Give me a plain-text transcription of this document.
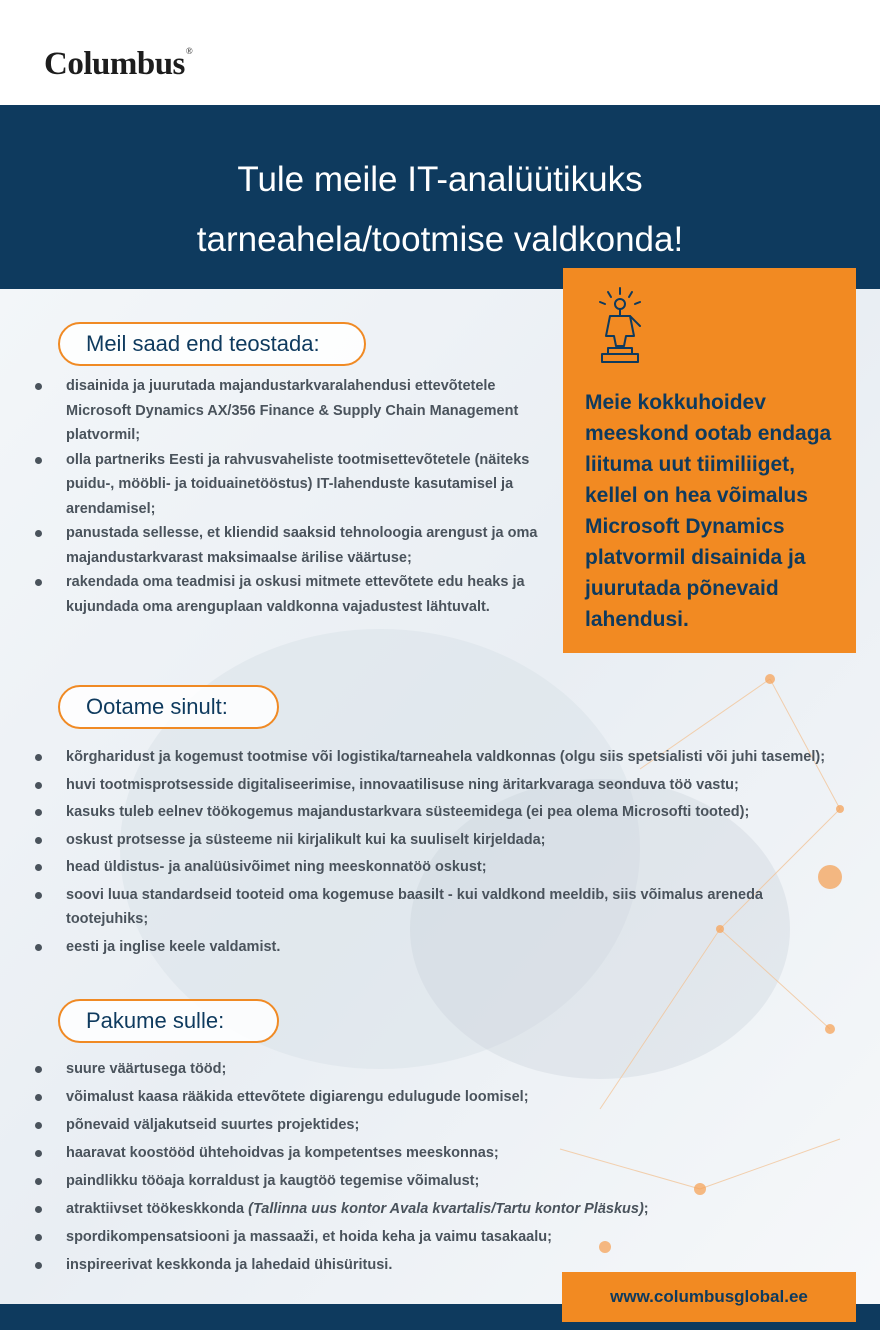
Columbus®
Tule meile IT-analüütikuks
tarneahela/tootmise valdkonda!
Meil saad end teostada:
disainida ja juurutada majandustarkvaralahendusi ettevõtetele Microsoft Dynamics AX/356 Finance & Supply Chain Management platvormil;
olla partneriks Eesti ja rahvusvaheliste tootmisettevõtetele (näiteks puidu-, mööbli- ja toiduainetööstus) IT-lahenduste kasutamisel ja arendamisel;
panustada sellesse, et kliendid saaksid tehnoloogia arengust ja oma majandustarkvarast maksimaalse ärilise väärtuse;
rakendada oma teadmisi ja oskusi mitmete ettevõtete edu heaks ja kujundada oma arenguplaan valdkonna vajadustest lähtuvalt.
Meie kokkuhoidev meeskond ootab endaga liituma uut tiimiliiget, kellel on hea võimalus Microsoft Dynamics platvormil disainida ja juurutada põnevaid lahendusi.
Ootame sinult:
kõrgharidust ja kogemust tootmise või logistika/tarneahela valdkonnas (olgu siis spetsialisti või juhi tasemel);
huvi tootmisprotsesside digitaliseerimise, innovaatilisuse ning äritarkvaraga seonduva töö vastu;
kasuks tuleb eelnev töökogemus majandustarkvara süsteemidega (ei pea olema Microsofti tooted);
oskust protsesse ja süsteeme nii kirjalikult kui ka suuliselt kirjeldada;
head üldistus- ja analüüsivõimet ning meeskonnatöö oskust;
soovi luua standardseid tooteid oma kogemuse baasilt - kui valdkond meeldib, siis võimalus areneda tootejuhiks;
eesti ja inglise keele valdamist.
Pakume sulle:
suure väärtusega tööd;
võimalust kaasa rääkida ettevõtete digiarengu edulugude loomisel;
põnevaid väljakutseid suurtes projektides;
haaravat koostööd ühtehoidvas ja kompetentses meeskonnas;
paindlikku tööaja korraldust ja kaugtöö tegemise võimalust;
atraktiivset töökeskkonda (Tallinna uus kontor Avala kvartalis/Tartu kontor Pläskus);
spordikompensatsiooni ja massaaži, et hoida keha ja vaimu tasakaalu;
inspireerivat keskkonda ja lahedaid ühisüritusi.
www.columbusglobal.ee
